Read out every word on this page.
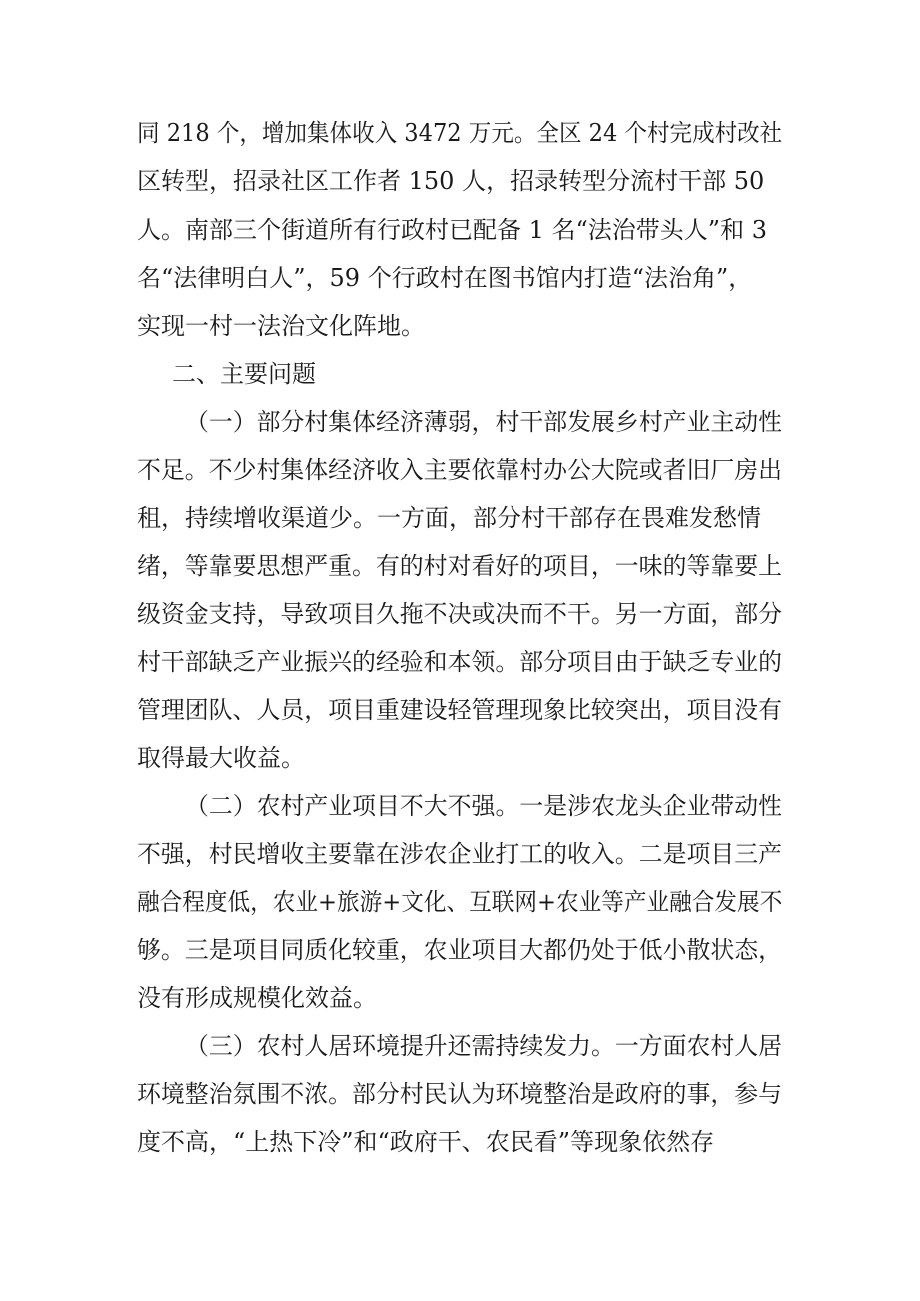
同 218 个，增加集体收入 3472 万元。全区 24 个村完成村改社
区转型，招录社区工作者 150 人，招录转型分流村干部 50
人。南部三个街道所有行政村已配备 1 名“法治带头人”和 3
名“法律明白人”，59 个行政村在图书馆内打造“法治角”，
实现一村一法治文化阵地。
二、主要问题
（一）部分村集体经济薄弱，村干部发展乡村产业主动性
不足。不少村集体经济收入主要依靠村办公大院或者旧厂房出
租，持续增收渠道少。一方面，部分村干部存在畏难发愁情
绪，等靠要思想严重。有的村对看好的项目，一味的等靠要上
级资金支持，导致项目久拖不决或决而不干。另一方面，部分
村干部缺乏产业振兴的经验和本领。部分项目由于缺乏专业的
管理团队、人员，项目重建设轻管理现象比较突出，项目没有
取得最大收益。
（二）农村产业项目不大不强。一是涉农龙头企业带动性
不强，村民增收主要靠在涉农企业打工的收入。二是项目三产
融合程度低，农业+旅游+文化、互联网+农业等产业融合发展不
够。三是项目同质化较重，农业项目大都仍处于低小散状态，
没有形成规模化效益。
（三）农村人居环境提升还需持续发力。一方面农村人居
环境整治氛围不浓。部分村民认为环境整治是政府的事，参与
度不高，“上热下冷”和“政府干、农民看”等现象依然存
